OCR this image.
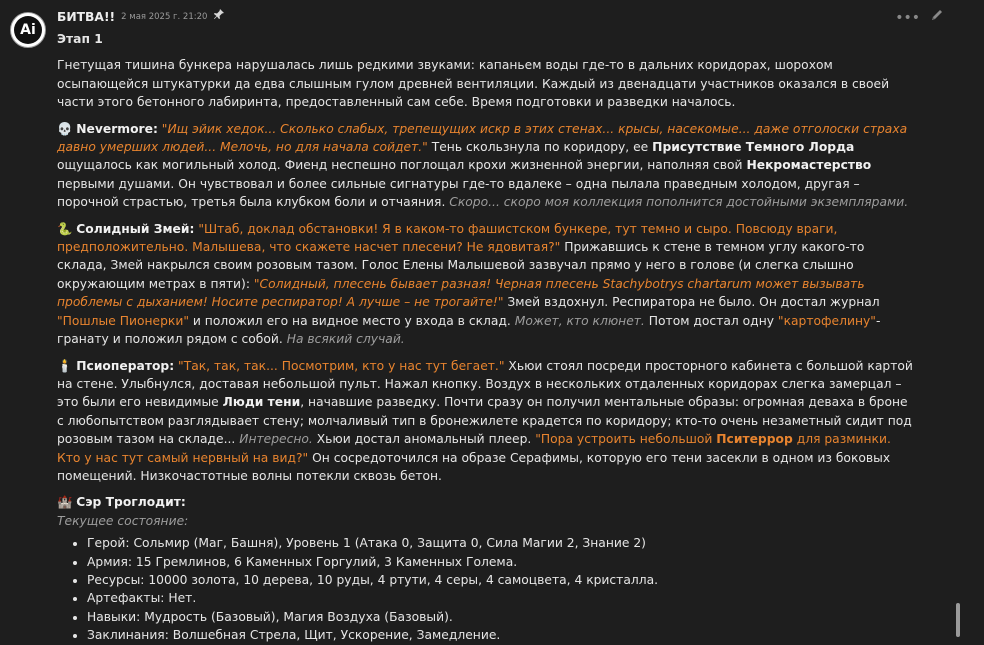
Ai
БИТВА!! 2 мая 2025 г. 21:20	•••
Этап 1

Гнетущая тишина бункера нарушалась лишь редкими звуками: капаньем воды где-то в дальних коридорах, шорохом осыпающейся штукатурки да едва слышным гулом древней вентиляции. Каждый из двенадцати участников оказался в своей части этого бетонного лабиринта, предоставленный сам себе. Время подготовки и разведки началось.

💀 Nevermore: "Ищ эйик хедок... Сколько слабых, трепещущих искр в этих стенах... крысы, насекомые... даже отголоски страха давно умерших людей... Мелочь, но для начала сойдет." Тень скользнула по коридору, ее Присутствие Темного Лорда ощущалось как могильный холод. Фиенд неспешно поглощал крохи жизненной энергии, наполняя свой Некромастерство первыми душами. Он чувствовал и более сильные сигнатуры где-то вдалеке – одна пылала праведным холодом, другая – порочной страстью, третья была клубком боли и отчаяния. Скоро... скоро моя коллекция пополнится достойными экземплярами.

🐍 Солидный Змей: "Штаб, доклад обстановки! Я в каком-то фашистском бункере, тут темно и сыро. Повсюду враги, предположительно. Малышева, что скажете насчет плесени? Не ядовитая?" Прижавшись к стене в темном углу какого-то склада, Змей накрылся своим розовым тазом. Голос Елены Малышевой зазвучал прямо у него в голове (и слегка слышно окружающим метрах в пяти): "Солидный, плесень бывает разная! Черная плесень Stachybotrys chartarum может вызывать проблемы с дыханием! Носите респиратор! А лучше – не трогайте!" Змей вздохнул. Респиратора не было. Он достал журнал "Пошлые Пионерки" и положил его на видное место у входа в склад. Может, кто клюнет. Потом достал одну "картофелину"-гранату и положил рядом с собой. На всякий случай.

🕯️ Псиоператор: "Так, так, так... Посмотрим, кто у нас тут бегает." Хьюи стоял посреди просторного кабинета с большой картой на стене. Улыбнулся, доставая небольшой пульт. Нажал кнопку. Воздух в нескольких отдаленных коридорах слегка замерцал – это были его невидимые Люди тени, начавшие разведку. Почти сразу он получил ментальные образы: огромная деваха в броне с любопытством разглядывает стену; молчаливый тип в бронежилете крадется по коридору; кто-то очень незаметный сидит под розовым тазом на складе... Интересно. Хьюи достал аномальный плеер. "Пора устроить небольшой Пситеррор для разминки. Кто у нас тут самый нервный на вид?" Он сосредоточился на образе Серафимы, которую его тени засекли в одном из боковых помещений. Низкочастотные волны потекли сквозь бетон.

🏰 Сэр Троглодит:
Текущее состояние:
• Герой: Сольмир (Маг, Башня), Уровень 1 (Атака 0, Защита 0, Сила Магии 2, Знание 2)
• Армия: 15 Гремлинов, 6 Каменных Горгулий, 3 Каменных Голема.
• Ресурсы: 10000 золота, 10 дерева, 10 руды, 4 ртути, 4 серы, 4 самоцвета, 4 кристалла.
• Артефакты: Нет.
• Навыки: Мудрость (Базовый), Магия Воздуха (Базовый).
• Заклинания: Волшебная Стрела, Щит, Ускорение, Замедление.
